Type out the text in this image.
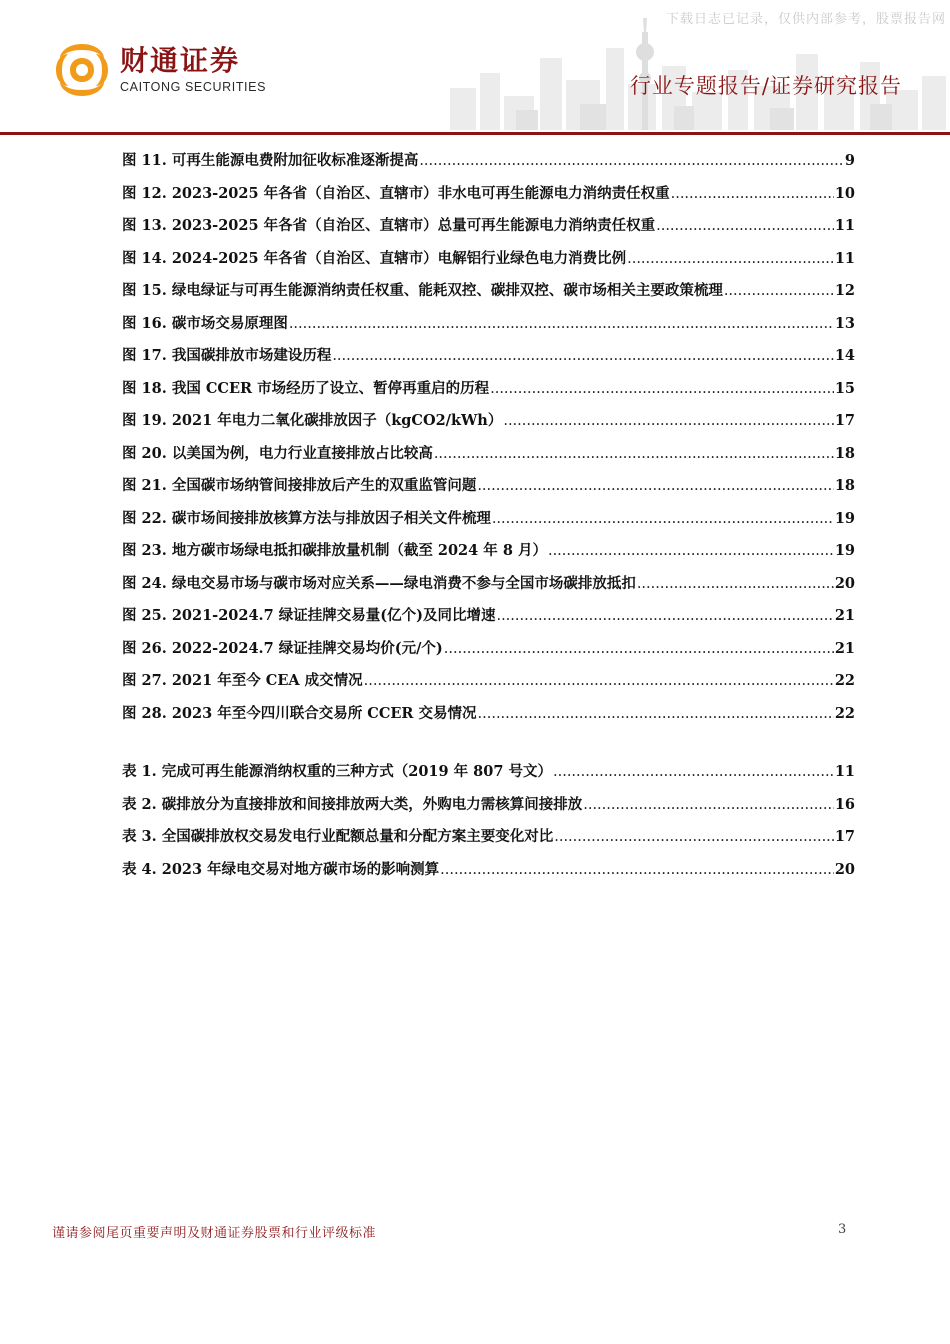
下载日志已记录，仅供内部参考，股票报告网
财通证券
CAITONG SECURITIES	行业专题报告/证券研究报告
图 11. 可再生能源电费附加征收标准逐渐提高 .....	9
图 12. 2023-2025 年各省（自治区、直辖市）非水电可再生能源电力消纳责任权重 .....	10
图 13. 2023-2025 年各省（自治区、直辖市）总量可再生能源电力消纳责任权重 .....	11
图 14. 2024-2025 年各省（自治区、直辖市）电解铝行业绿色电力消费比例 .....	11
图 15. 绿电绿证与可再生能源消纳责任权重、能耗双控、碳排双控、碳市场相关主要政策梳理 .....	12
图 16. 碳市场交易原理图 .....	13
图 17. 我国碳排放市场建设历程 .....	14
图 18. 我国 CCER 市场经历了设立、暂停再重启的历程 .....	15
图 19. 2021 年电力二氧化碳排放因子（kgCO2/kWh） .....	17
图 20. 以美国为例，电力行业直接排放占比较高 .....	18
图 21. 全国碳市场纳管间接排放后产生的双重监管问题 .....	18
图 22. 碳市场间接排放核算方法与排放因子相关文件梳理 .....	19
图 23. 地方碳市场绿电抵扣碳排放量机制（截至 2024 年 8 月） .....	19
图 24. 绿电交易市场与碳市场对应关系——绿电消费不参与全国市场碳排放抵扣 .....	20
图 25. 2021-2024.7 绿证挂牌交易量(亿个)及同比增速 .....	21
图 26. 2022-2024.7 绿证挂牌交易均价(元/个) .....	21
图 27. 2021 年至今 CEA 成交情况 .....	22
图 28. 2023 年至今四川联合交易所 CCER 交易情况 .....	22
表 1. 完成可再生能源消纳权重的三种方式（2019 年 807 号文） .....	11
表 2. 碳排放分为直接排放和间接排放两大类，外购电力需核算间接排放 .....	16
表 3. 全国碳排放权交易发电行业配额总量和分配方案主要变化对比 .....	17
表 4. 2023 年绿电交易对地方碳市场的影响测算 .....	20
谨请参阅尾页重要声明及财通证券股票和行业评级标准	3
